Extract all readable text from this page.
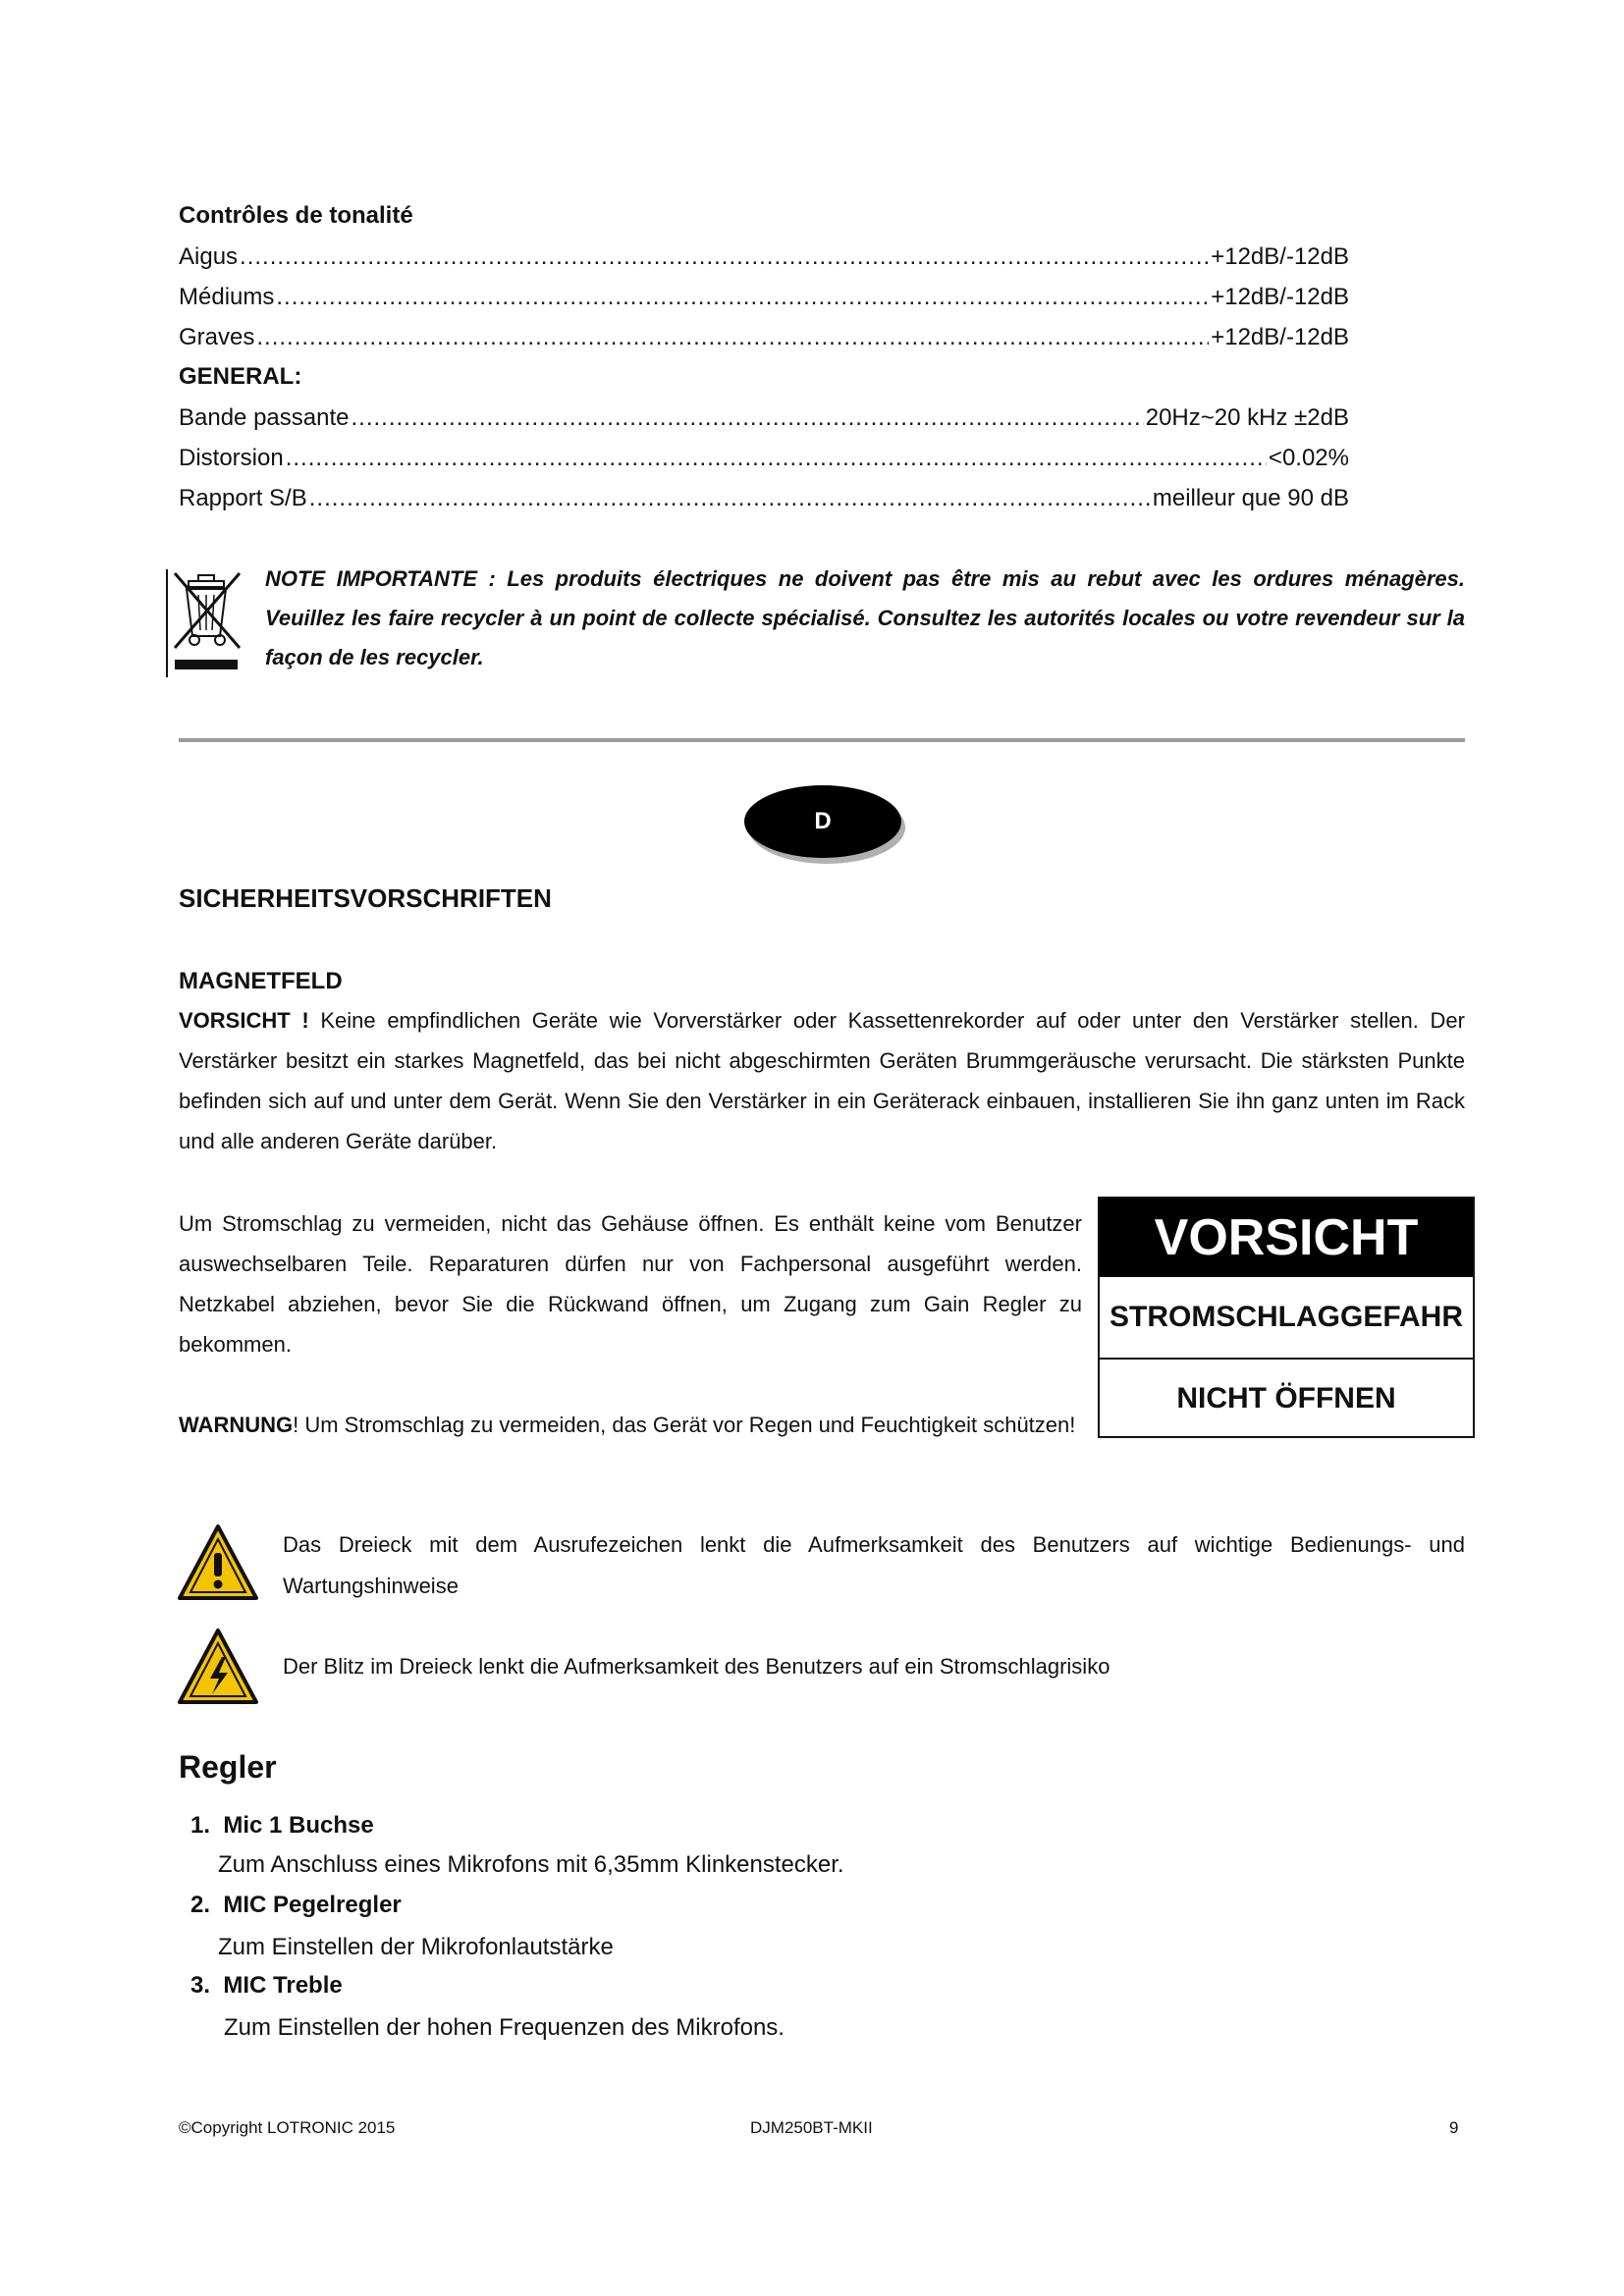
Contrôles de tonalité
Aigus .....	+12dB/-12dB
Médiums .....	+12dB/-12dB
Graves .....	+12dB/-12dB
GENERAL:
Bande passante .....	20Hz~20 kHz ±2dB
Distorsion .....	<0.02%
Rapport S/B .....	meilleur que 90 dB
NOTE IMPORTANTE : Les produits électriques ne doivent pas être mis au rebut avec les ordures ménagères. Veuillez les faire recycler à un point de collecte spécialisé. Consultez les autorités locales ou votre revendeur sur la façon de les recycler.
D
SICHERHEITSVORSCHRIFTEN
MAGNETFELD
VORSICHT ! Keine empfindlichen Geräte wie Vorverstärker oder Kassettenrekorder auf oder unter den Verstärker stellen. Der Verstärker besitzt ein starkes Magnetfeld, das bei nicht abgeschirmten Geräten Brummgeräusche verursacht. Die stärksten Punkte befinden sich auf und unter dem Gerät. Wenn Sie den Verstärker in ein Geräterack einbauen, installieren Sie ihn ganz unten im Rack und alle anderen Geräte darüber.
Um Stromschlag zu vermeiden, nicht das Gehäuse öffnen. Es enthält keine vom Benutzer auswechselbaren Teile. Reparaturen dürfen nur von Fachpersonal ausgeführt werden. Netzkabel abziehen, bevor Sie die Rückwand öffnen, um Zugang zum Gain Regler zu bekommen.
WARNUNG! Um Stromschlag zu vermeiden, das Gerät vor Regen und Feuchtigkeit schützen!
VORSICHT
STROMSCHLAGGEFAHR
NICHT ÖFFNEN
Das Dreieck mit dem Ausrufezeichen lenkt die Aufmerksamkeit des Benutzers auf wichtige Bedienungs- und Wartungshinweise
Der Blitz im Dreieck lenkt die Aufmerksamkeit des Benutzers auf ein Stromschlagrisiko
Regler
1. Mic 1 Buchse
Zum Anschluss eines Mikrofons mit 6,35mm Klinkenstecker.
2. MIC Pegelregler
Zum Einstellen der Mikrofonlautstärke
3. MIC Treble
Zum Einstellen der hohen Frequenzen des Mikrofons.
©Copyright LOTRONIC 2015	DJM250BT-MKII	9
